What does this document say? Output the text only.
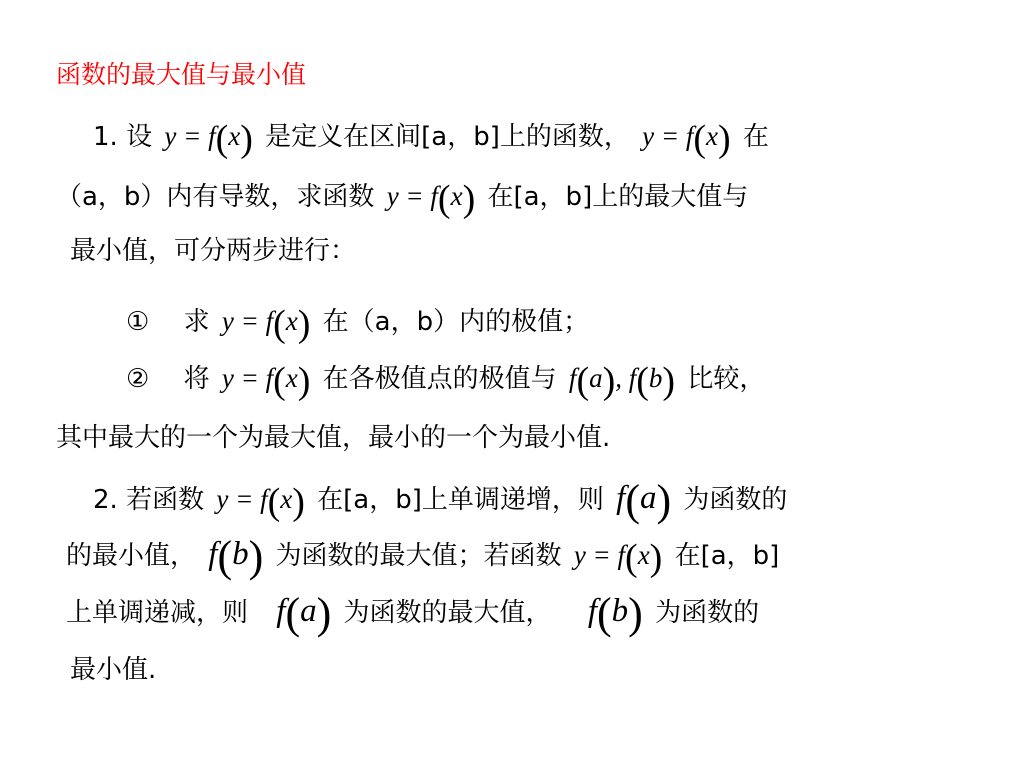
函数的最大值与最小值
1. 设 y = f(x) 是定义在区间[a，b]上的函数， y = f(x) 在
（a，b）内有导数，求函数 y = f(x) 在[a，b]上的最大值与
最小值，可分两步进行：
① 求 y = f(x) 在（a，b）内的极值；
② 将 y = f(x) 在各极值点的极值与 f(a), f(b) 比较，
其中最大的一个为最大值，最小的一个为最小值.
2. 若函数 y = f(x) 在[a，b]上单调递增，则 f(a) 为函数的
的最小值， f(b) 为函数的最大值；若函数 y = f(x) 在[a，b]
上单调递减，则 f(a) 为函数的最大值， f(b) 为函数的
最小值.
